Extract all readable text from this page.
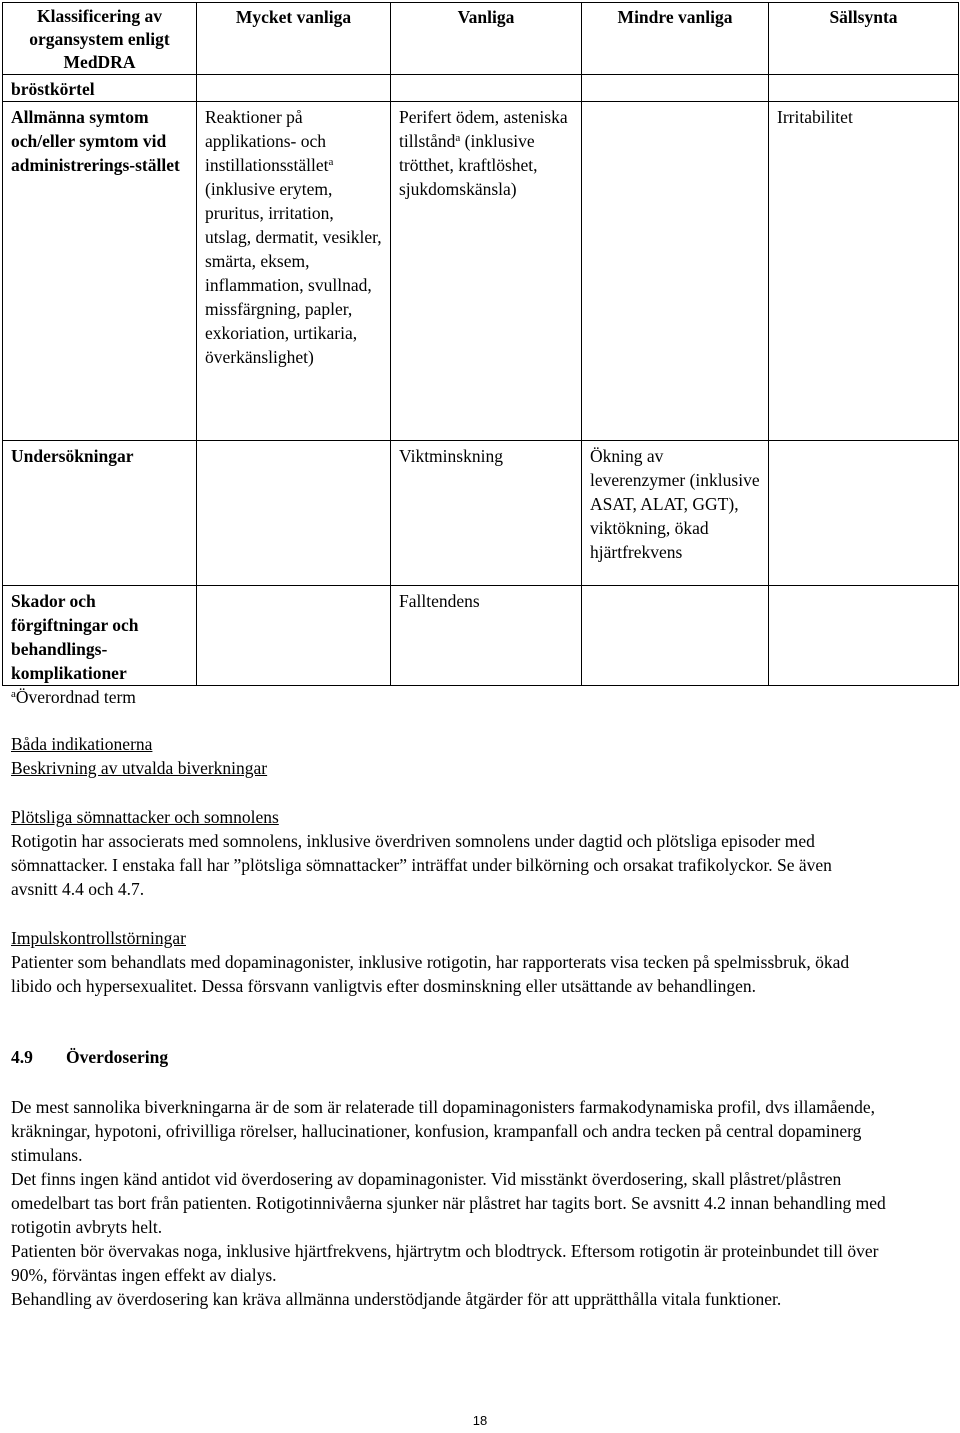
Klassificering av organsystem enligt MedDRA	Mycket vanliga	Vanliga	Mindre vanliga	Sällsynta
bröstkörtel				
Allmänna symtom och/eller symtom vid administrerings-stället	Reaktioner på applikations- och instillationsstället$^a$ (inklusive erytem, pruritus, irritation, utslag, dermatit, vesikler, smärta, eksem, inflammation, svullnad, missfärgning, papler, exkoriation, urtikaria, överkänslighet)	Perifert ödem, asteniska tillstånd$^a$ (inklusive trötthet, kraftlöshet, sjukdomskänsla)		Irritabilitet
Undersökningar		Viktminskning	Ökning av leverenzymer (inklusive ASAT, ALAT, GGT), viktökning, ökad hjärtfrekvens	
Skador och förgiftningar och behandlings-komplikationer		Falltendens		
$^a$Överordnad term

Båda indikationerna

Beskrivning av utvalda biverkningar

Plötsliga sömnattacker och somnolens

Rotigotin har associerats med somnolens, inklusive överdriven somnolens under dagtid och plötsliga episoder med sömnattacker. I enstaka fall har ”plötsliga sömnattacker” inträffat under bilkörning och orsakat trafikolyckor. Se även avsnitt 4.4 och 4.7.

Impulskontrollstörningar

Patienter som behandlats med dopaminagonister, inklusive rotigotin, har rapporterats visa tecken på spelmissbruk, ökad libido och hypersexualitet. Dessa försvann vanligtvis efter dosminskning eller utsättande av behandlingen.

4.9 Överdosering

De mest sannolika biverkningarna är de som är relaterade till dopaminagonisters farmakodynamiska profil, dvs illamående, kräkningar, hypotoni, ofrivilliga rörelser, hallucinationer, konfusion, krampanfall och andra tecken på central dopaminerg stimulans.

Det finns ingen känd antidot vid överdosering av dopaminagonister. Vid misstänkt överdosering, skall plåstret/plåstren omedelbart tas bort från patienten. Rotigotinnivåerna sjunker när plåstret har tagits bort. Se avsnitt 4.2 innan behandling med rotigotin avbryts helt.

Patienten bör övervakas noga, inklusive hjärtfrekvens, hjärtrytm och blodtryck. Eftersom rotigotin är proteinbundet till över 90%, förväntas ingen effekt av dialys.

Behandling av överdosering kan kräva allmänna understödjande åtgärder för att upprätthålla vitala funktioner.

18
